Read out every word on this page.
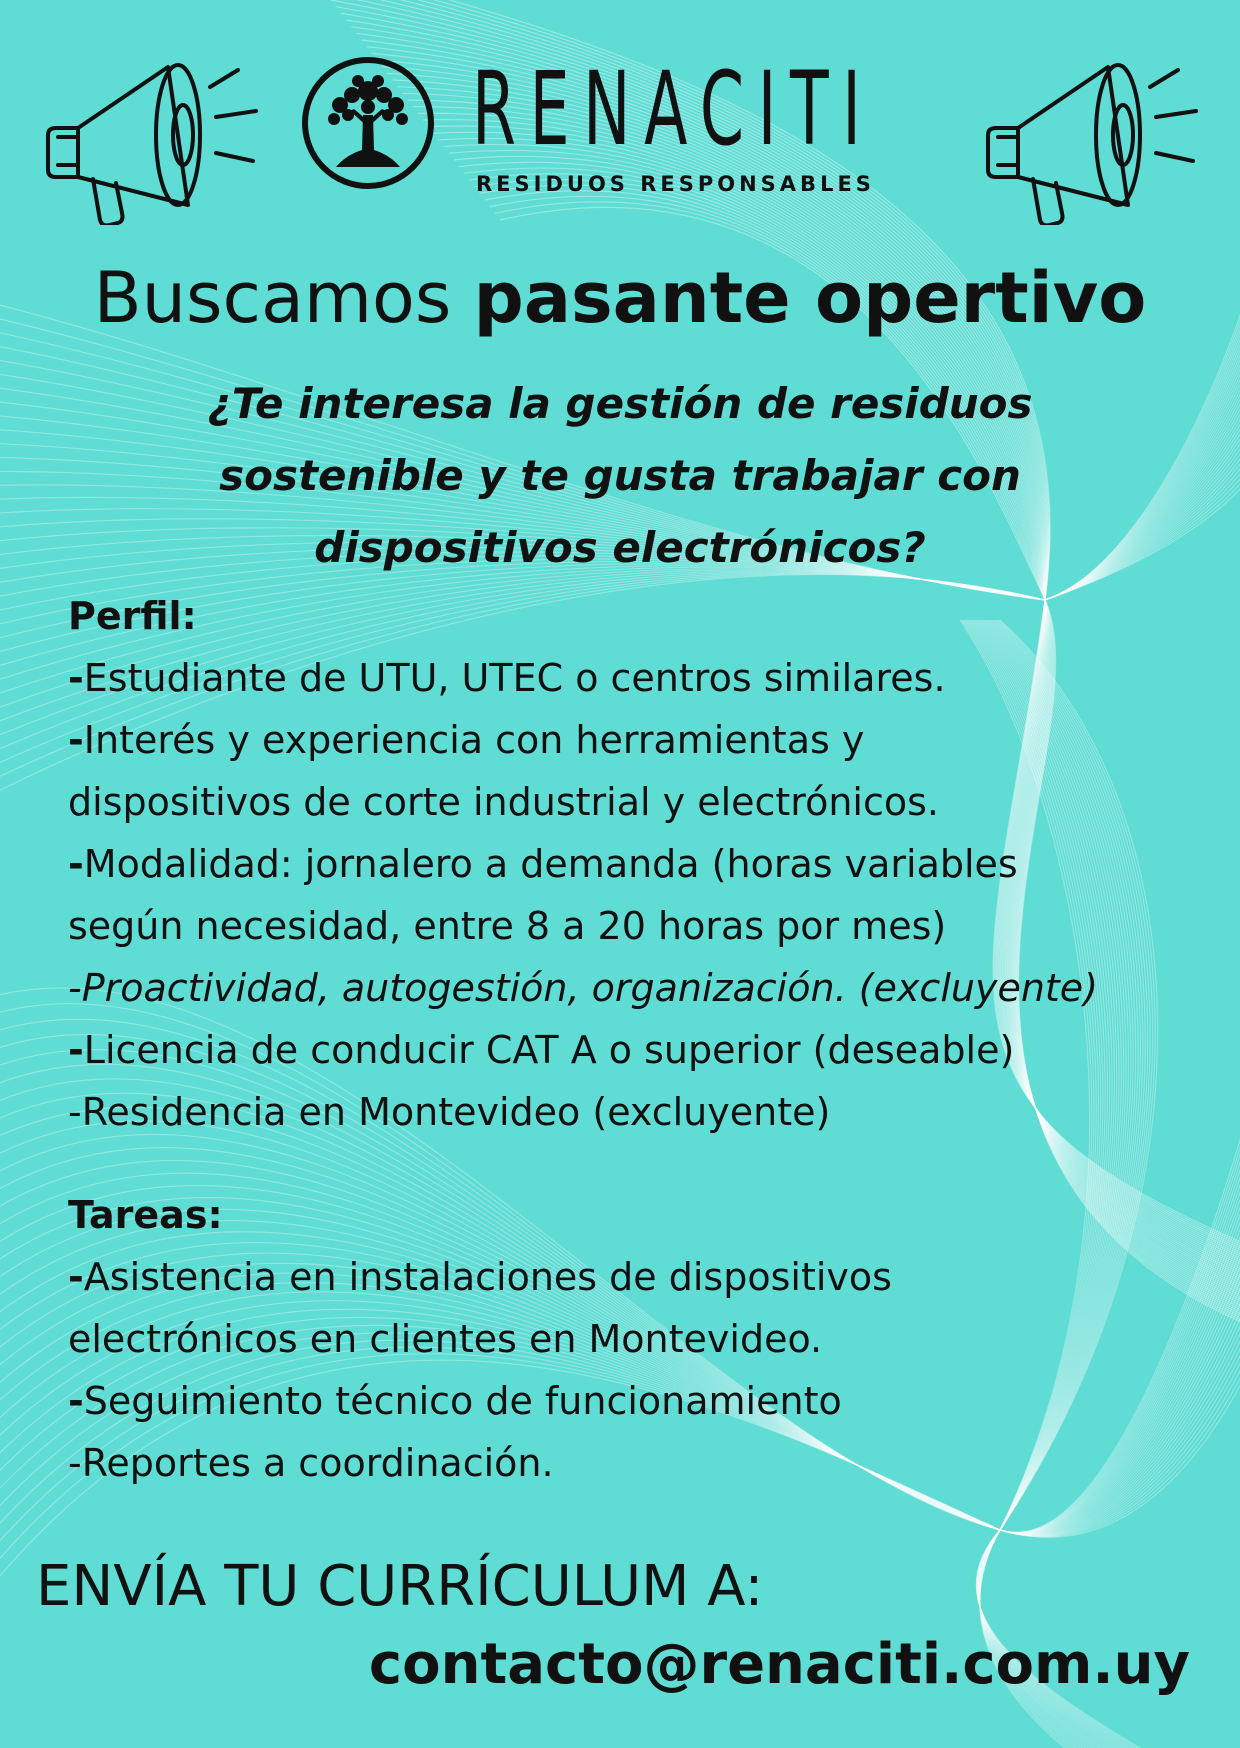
RENACITI
RESIDUOS RESPONSABLES
Buscamos pasante opertivo
¿Te interesa la gestión de residuos
sostenible y te gusta trabajar con
dispositivos electrónicos?
Perfil:
-Estudiante de UTU, UTEC o centros similares.
-Interés y experiencia con herramientas y
dispositivos de corte industrial y electrónicos.
-Modalidad: jornalero a demanda (horas variables
según necesidad, entre 8 a 20 horas por mes)
-Proactividad, autogestión, organización. (excluyente)
-Licencia de conducir CAT A o superior (deseable)
-Residencia en Montevideo (excluyente)
Tareas:
-Asistencia en instalaciones de dispositivos
electrónicos en clientes en Montevideo.
-Seguimiento técnico de funcionamiento
-Reportes a coordinación.
ENVÍA TU CURRÍCULUM A:
contacto@renaciti.com.uy
